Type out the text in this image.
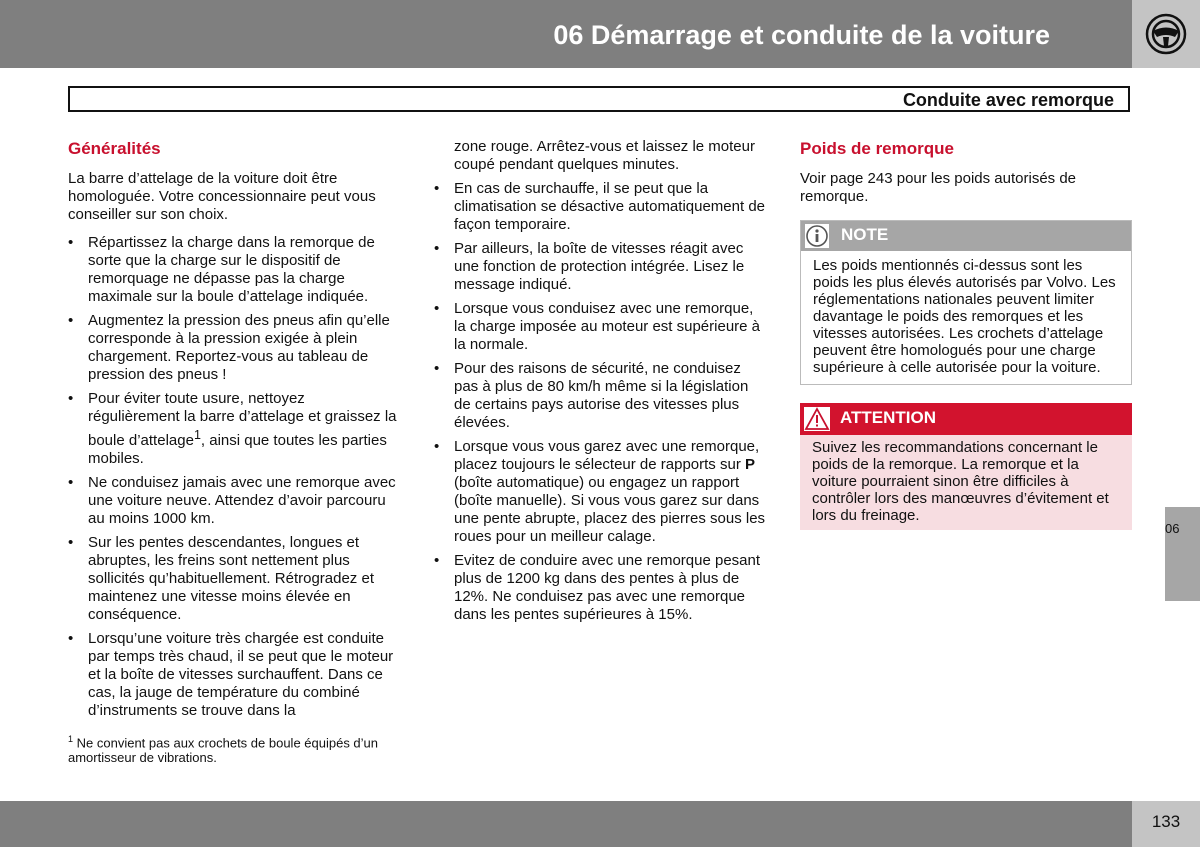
06 Démarrage et conduite de la voiture
Conduite avec remorque
Généralités

La barre d’attelage de la voiture doit être homologuée. Votre concessionnaire peut vous conseiller sur son choix.

• Répartissez la charge dans la remorque de sorte que la charge sur le dispositif de remorquage ne dépasse pas la charge maximale sur la boule d’attelage indiquée.
• Augmentez la pression des pneus afin qu’elle corresponde à la pression exigée à plein chargement. Reportez-vous au tableau de pression des pneus !
• Pour éviter toute usure, nettoyez régulièrement la barre d’attelage et graissez la boule d’attelage$^1$, ainsi que toutes les parties mobiles.
• Ne conduisez jamais avec une remorque avec une voiture neuve. Attendez d’avoir parcouru au moins 1000 km.
• Sur les pentes descendantes, longues et abruptes, les freins sont nettement plus sollicités qu’habituellement. Rétrogradez et maintenez une vitesse moins élevée en conséquence.
• Lorsqu’une voiture très chargée est conduite par temps très chaud, il se peut que le moteur et la boîte de vitesses surchauffent. Dans ce cas, la jauge de température du combiné d’instruments se trouve dans la
$^1$ Ne convient pas aux crochets de boule équipés d’un amortisseur de vibrations.
zone rouge. Arrêtez-vous et laissez le moteur coupé pendant quelques minutes.
• En cas de surchauffe, il se peut que la climatisation se désactive automatiquement de façon temporaire.
• Par ailleurs, la boîte de vitesses réagit avec une fonction de protection intégrée. Lisez le message indiqué.
• Lorsque vous conduisez avec une remorque, la charge imposée au moteur est supérieure à la normale.
• Pour des raisons de sécurité, ne conduisez pas à plus de 80 km/h même si la législation de certains pays autorise des vitesses plus élevées.
• Lorsque vous vous garez avec une remorque, placez toujours le sélecteur de rapports sur P (boîte automatique) ou engagez un rapport (boîte manuelle). Si vous vous garez sur dans une pente abrupte, placez des pierres sous les roues pour un meilleur calage.
• Evitez de conduire avec une remorque pesant plus de 1200 kg dans des pentes à plus de 12%. Ne conduisez pas avec une remorque dans les pentes supérieures à 15%.
Poids de remorque

Voir page 243 pour les poids autorisés de remorque.

NOTE
Les poids mentionnés ci-dessus sont les poids les plus élevés autorisés par Volvo. Les réglementations nationales peuvent limiter davantage le poids des remorques et les vitesses autorisées. Les crochets d’attelage peuvent être homologués pour une charge supérieure à celle autorisée pour la voiture.
ATTENTION
Suivez les recommandations concernant le poids de la remorque. La remorque et la voiture pourraient sinon être difficiles à contrôler lors des manœuvres d’évitement et lors du freinage.
06
133
